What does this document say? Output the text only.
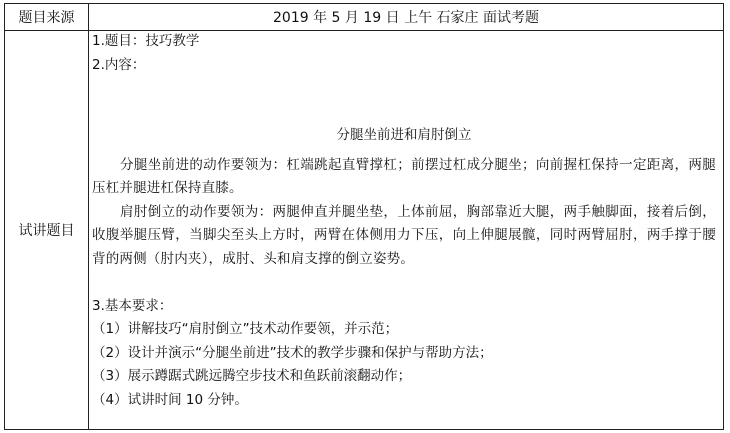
题目来源	2019 年 5 月 19 日 上午 石家庄 面试考题
试讲题目
1.题目：技巧教学
2.内容：
分腿坐前进和肩肘倒立
分腿坐前进的动作要领为：杠端跳起直臂撑杠；前摆过杠成分腿坐；向前握杠保持一定距离，两腿压杠并腿进杠保持直膝。
肩肘倒立的动作要领为：两腿伸直并腿坐垫，上体前屈，胸部靠近大腿，两手触脚面，接着后倒，收腹举腿压臂，当脚尖至头上方时，两臂在体侧用力下压，向上伸腿展髋，同时两臂屈肘，两手撑于腰背的两侧（肘内夹），成肘、头和肩支撑的倒立姿势。
3.基本要求：
（1）讲解技巧“肩肘倒立”技术动作要领，并示范；
（2）设计并演示“分腿坐前进”技术的教学步骤和保护与帮助方法；
（3）展示蹲踞式跳远腾空步技术和鱼跃前滚翻动作；
（4）试讲时间 10 分钟。
